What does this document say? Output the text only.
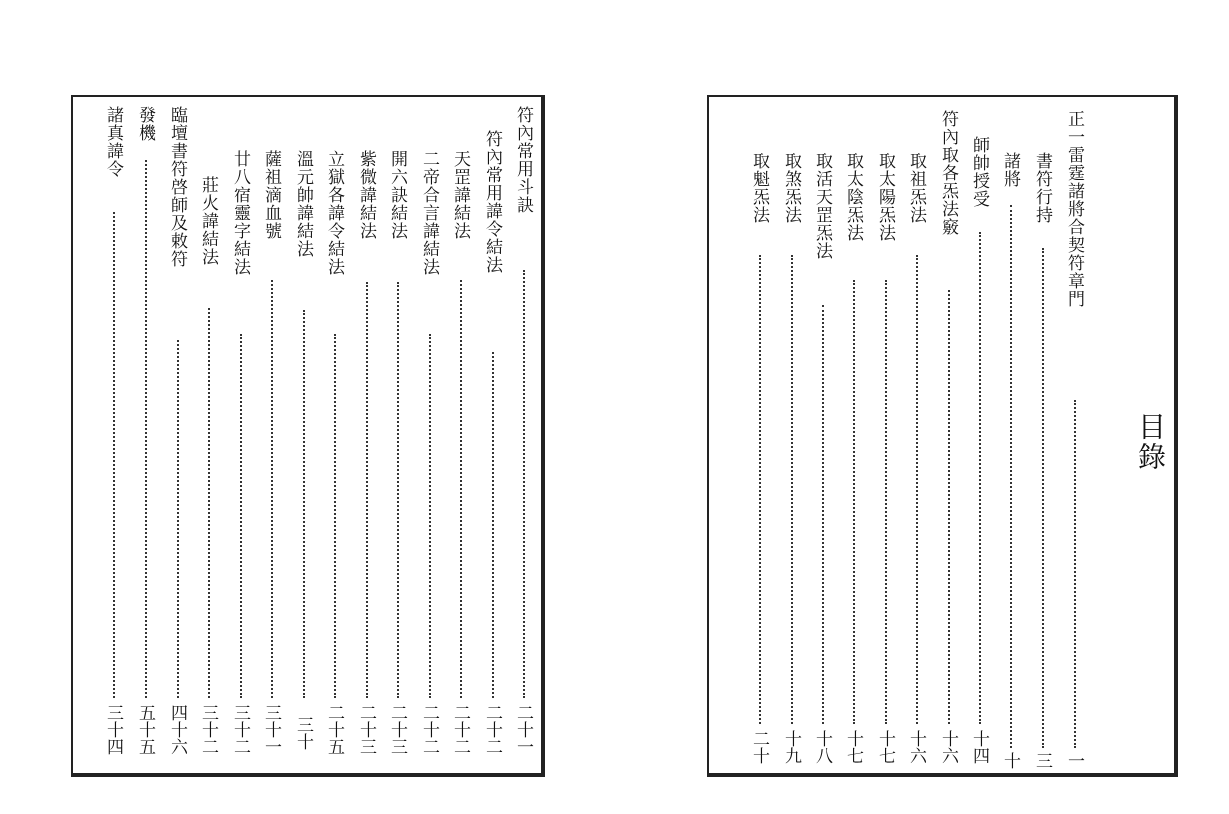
目錄
正一雷霆諸將合契符章門
一
書符行持
三
諸將
十
師帥授受
十四
符內取各炁法竅
十六
取祖炁法
十六
取太陽炁法
十七
取太陰炁法
十七
取活天罡炁法
十八
取煞炁法
十九
取魁炁法
二十
符內常用斗訣
二十一
符內常用諱令結法
二十二
天罡諱結法
二十二
二帝合言諱結法
二十二
開六訣結法
二十三
紫微諱結法
二十三
立獄各諱令結法
二十五
溫元帥諱結法
三十
薩祖滴血號
三十一
廿八宿靈字結法
三十二
莊火諱結法
三十二
臨壇書符啓師及敕符
四十六
發機
五十五
諸真諱令
三十四
